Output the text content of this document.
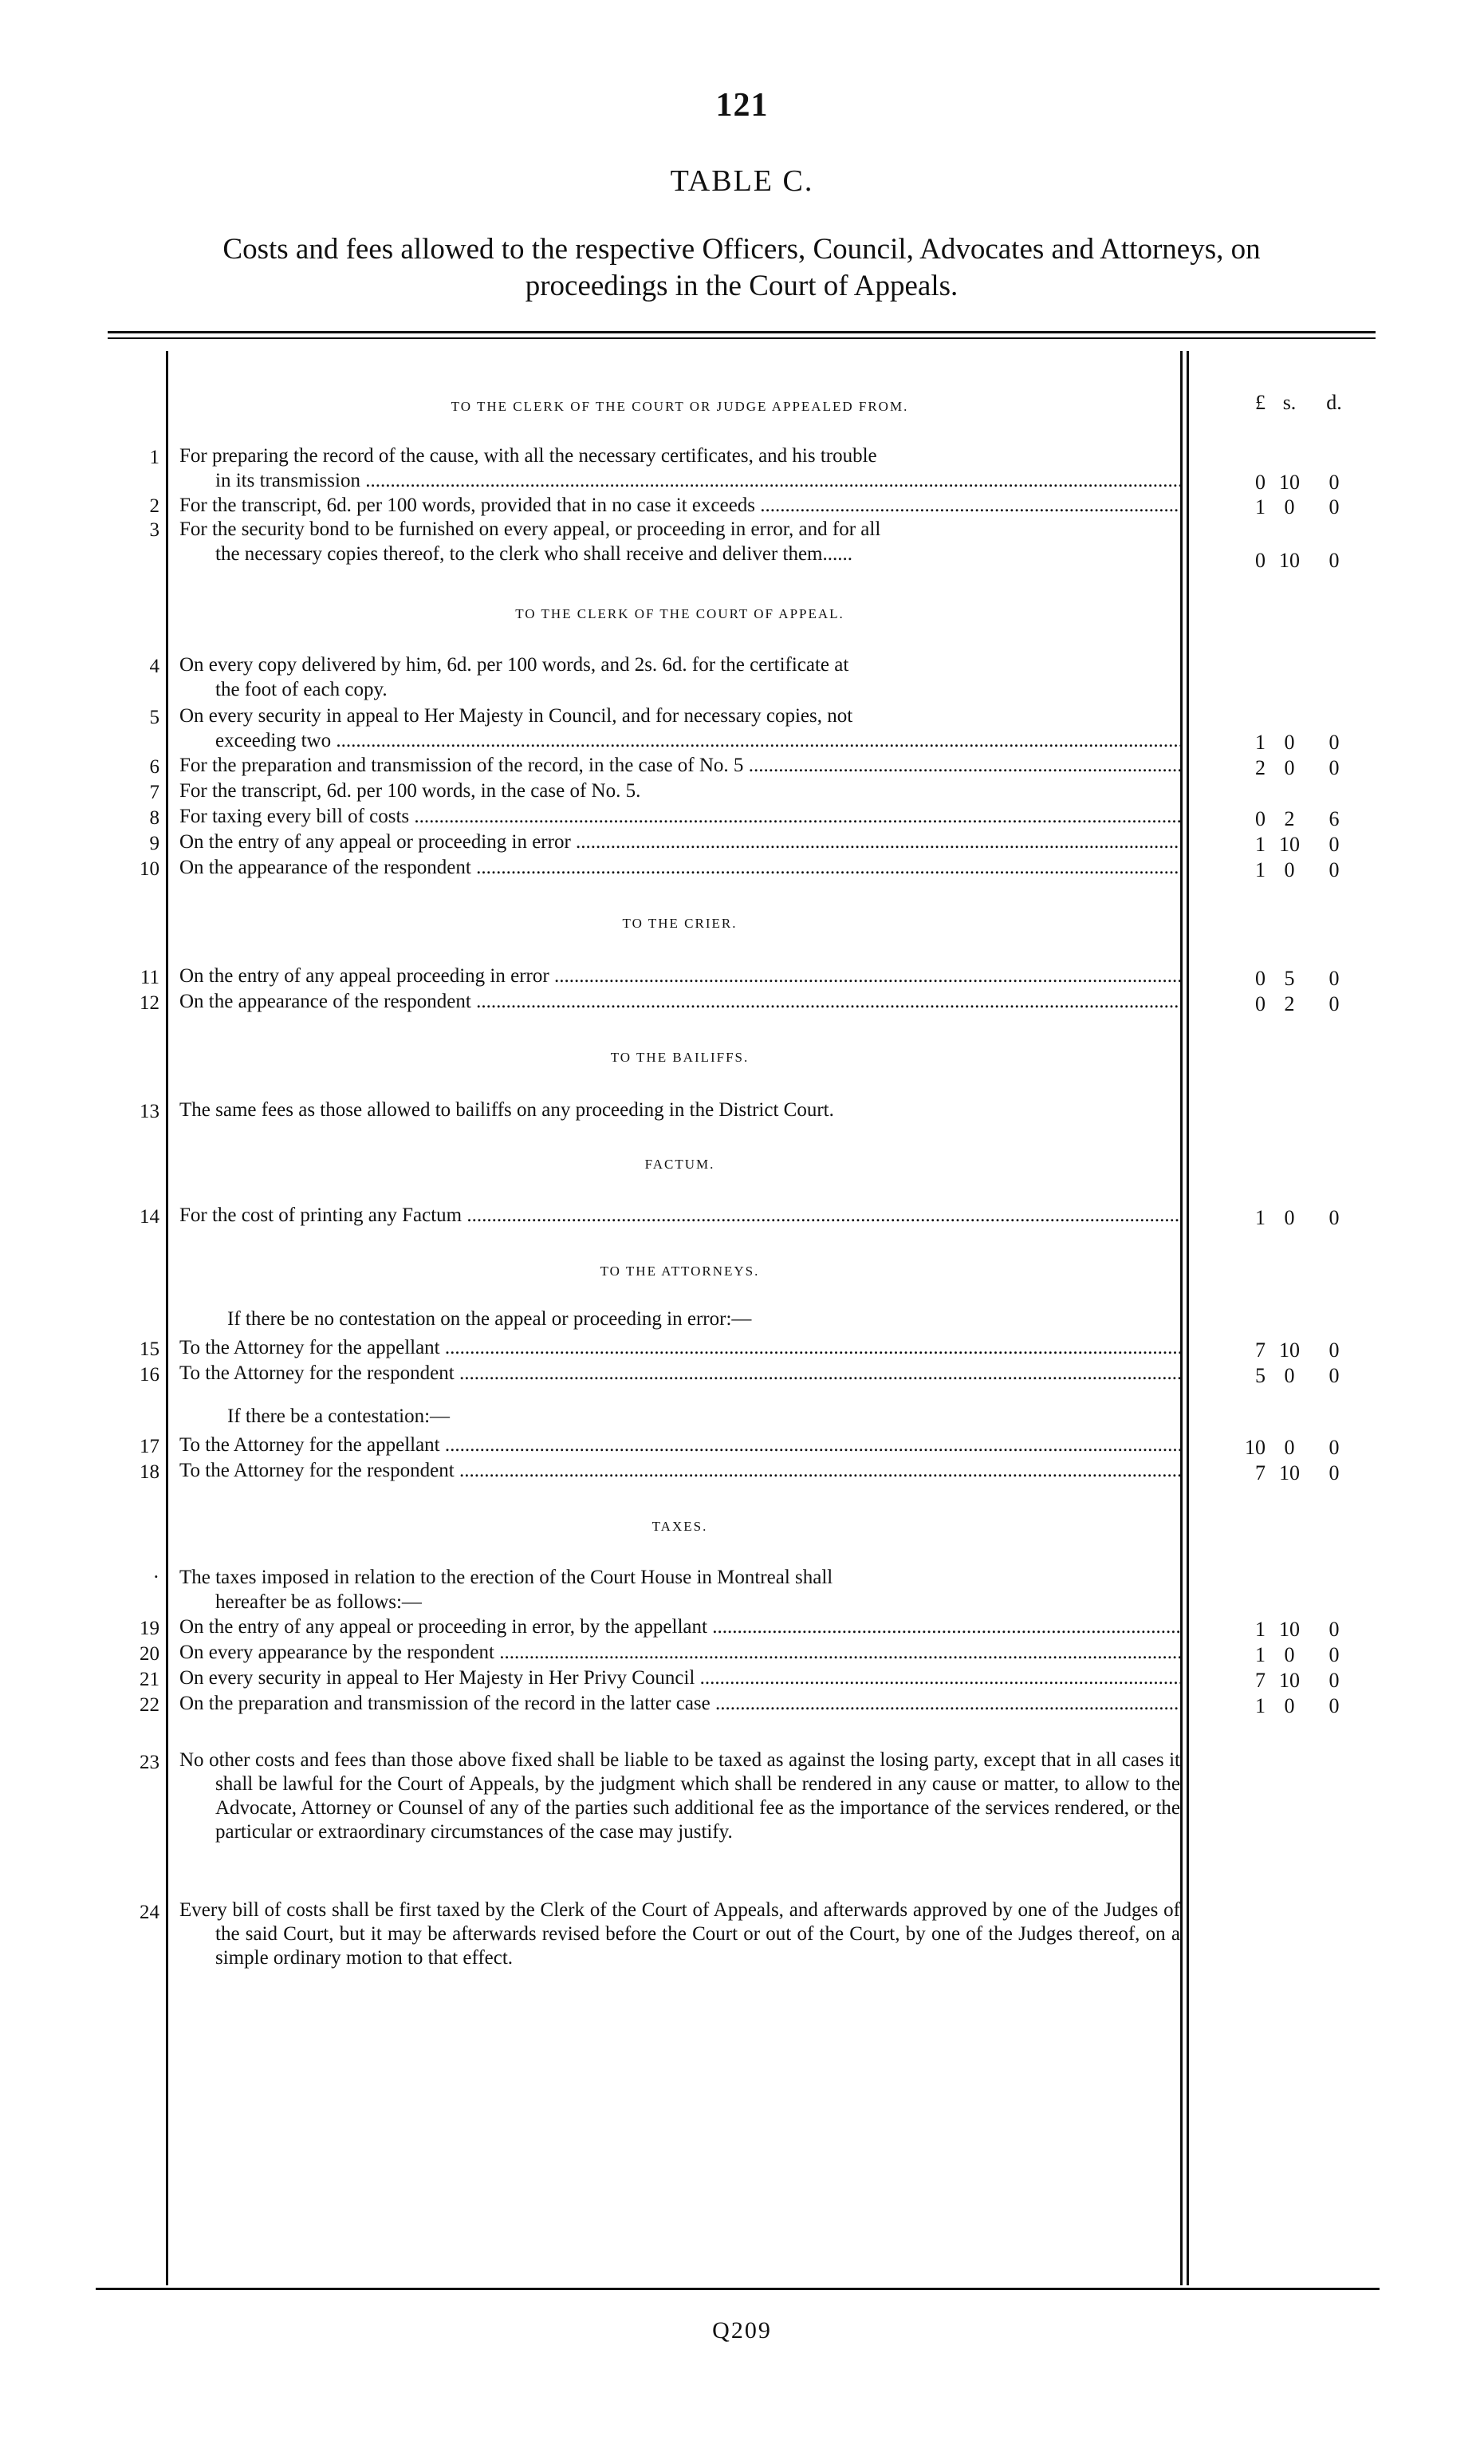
121
TABLE C.
Costs and fees allowed to the respective Officers, Council, Advocates and Attorneys, on
proceedings in the Court of Appeals.
£ s. d.
TO THE CLERK OF THE COURT OR JUDGE APPEALED FROM.
1 For preparing the record of the cause, with all the necessary certificates, and his trouble
in its transmission .....	0 10 0
2 For the transcript, 6d. per 100 words, provided that in no case it exceeds .....	1 0 0
3 For the security bond to be furnished on every appeal, or proceeding in error, and for all
the necessary copies thereof, to the clerk who shall receive and deliver them......	0 10 0
TO THE CLERK OF THE COURT OF APPEAL.
4 On every copy delivered by him, 6d. per 100 words, and 2s. 6d. for the certificate at
the foot of each copy.
5 On every security in appeal to Her Majesty in Council, and for necessary copies, not
exceeding two .....	1 0 0
6 For the preparation and transmission of the record, in the case of No. 5 .....	2 0 0
7 For the transcript, 6d. per 100 words, in the case of No. 5.
8 For taxing every bill of costs .....	0 2 6
9 On the entry of any appeal or proceeding in error .....	1 10 0
10 On the appearance of the respondent .....	1 0 0
TO THE CRIER.
11 On the entry of any appeal proceeding in error .....	0 5 0
12 On the appearance of the respondent .....	0 2 0
TO THE BAILIFFS.
13 The same fees as those allowed to bailiffs on any proceeding in the District Court.
FACTUM.
14 For the cost of printing any Factum .....	1 0 0
TO THE ATTORNEYS.
If there be no contestation on the appeal or proceeding in error:—
15 To the Attorney for the appellant .....	7 10 0
16 To the Attorney for the respondent .....	5 0 0
If there be a contestation:—
17 To the Attorney for the appellant .....	10 0 0
18 To the Attorney for the respondent .....	7 10 0
TAXES.
· The taxes imposed in relation to the erection of the Court House in Montreal shall
hereafter be as follows:—
19 On the entry of any appeal or proceeding in error, by the appellant .....	1 10 0
20 On every appearance by the respondent .....	1 0 0
21 On every security in appeal to Her Majesty in Her Privy Council .....	7 10 0
22 On the preparation and transmission of the record in the latter case .....	1 0 0
23 No other costs and fees than those above fixed shall be liable to be taxed as against the losing party, except that in all cases it shall be lawful for the Court of Appeals, by the judgment which shall be rendered in any cause or matter, to allow to the Advocate, Attorney or Counsel of any of the parties such additional fee as the importance of the services rendered, or the particular or extraordinary circumstances of the case may justify.
24 Every bill of costs shall be first taxed by the Clerk of the Court of Appeals, and afterwards approved by one of the Judges of the said Court, but it may be afterwards revised before the Court or out of the Court, by one of the Judges thereof, on a simple ordinary motion to that effect.
Q209
